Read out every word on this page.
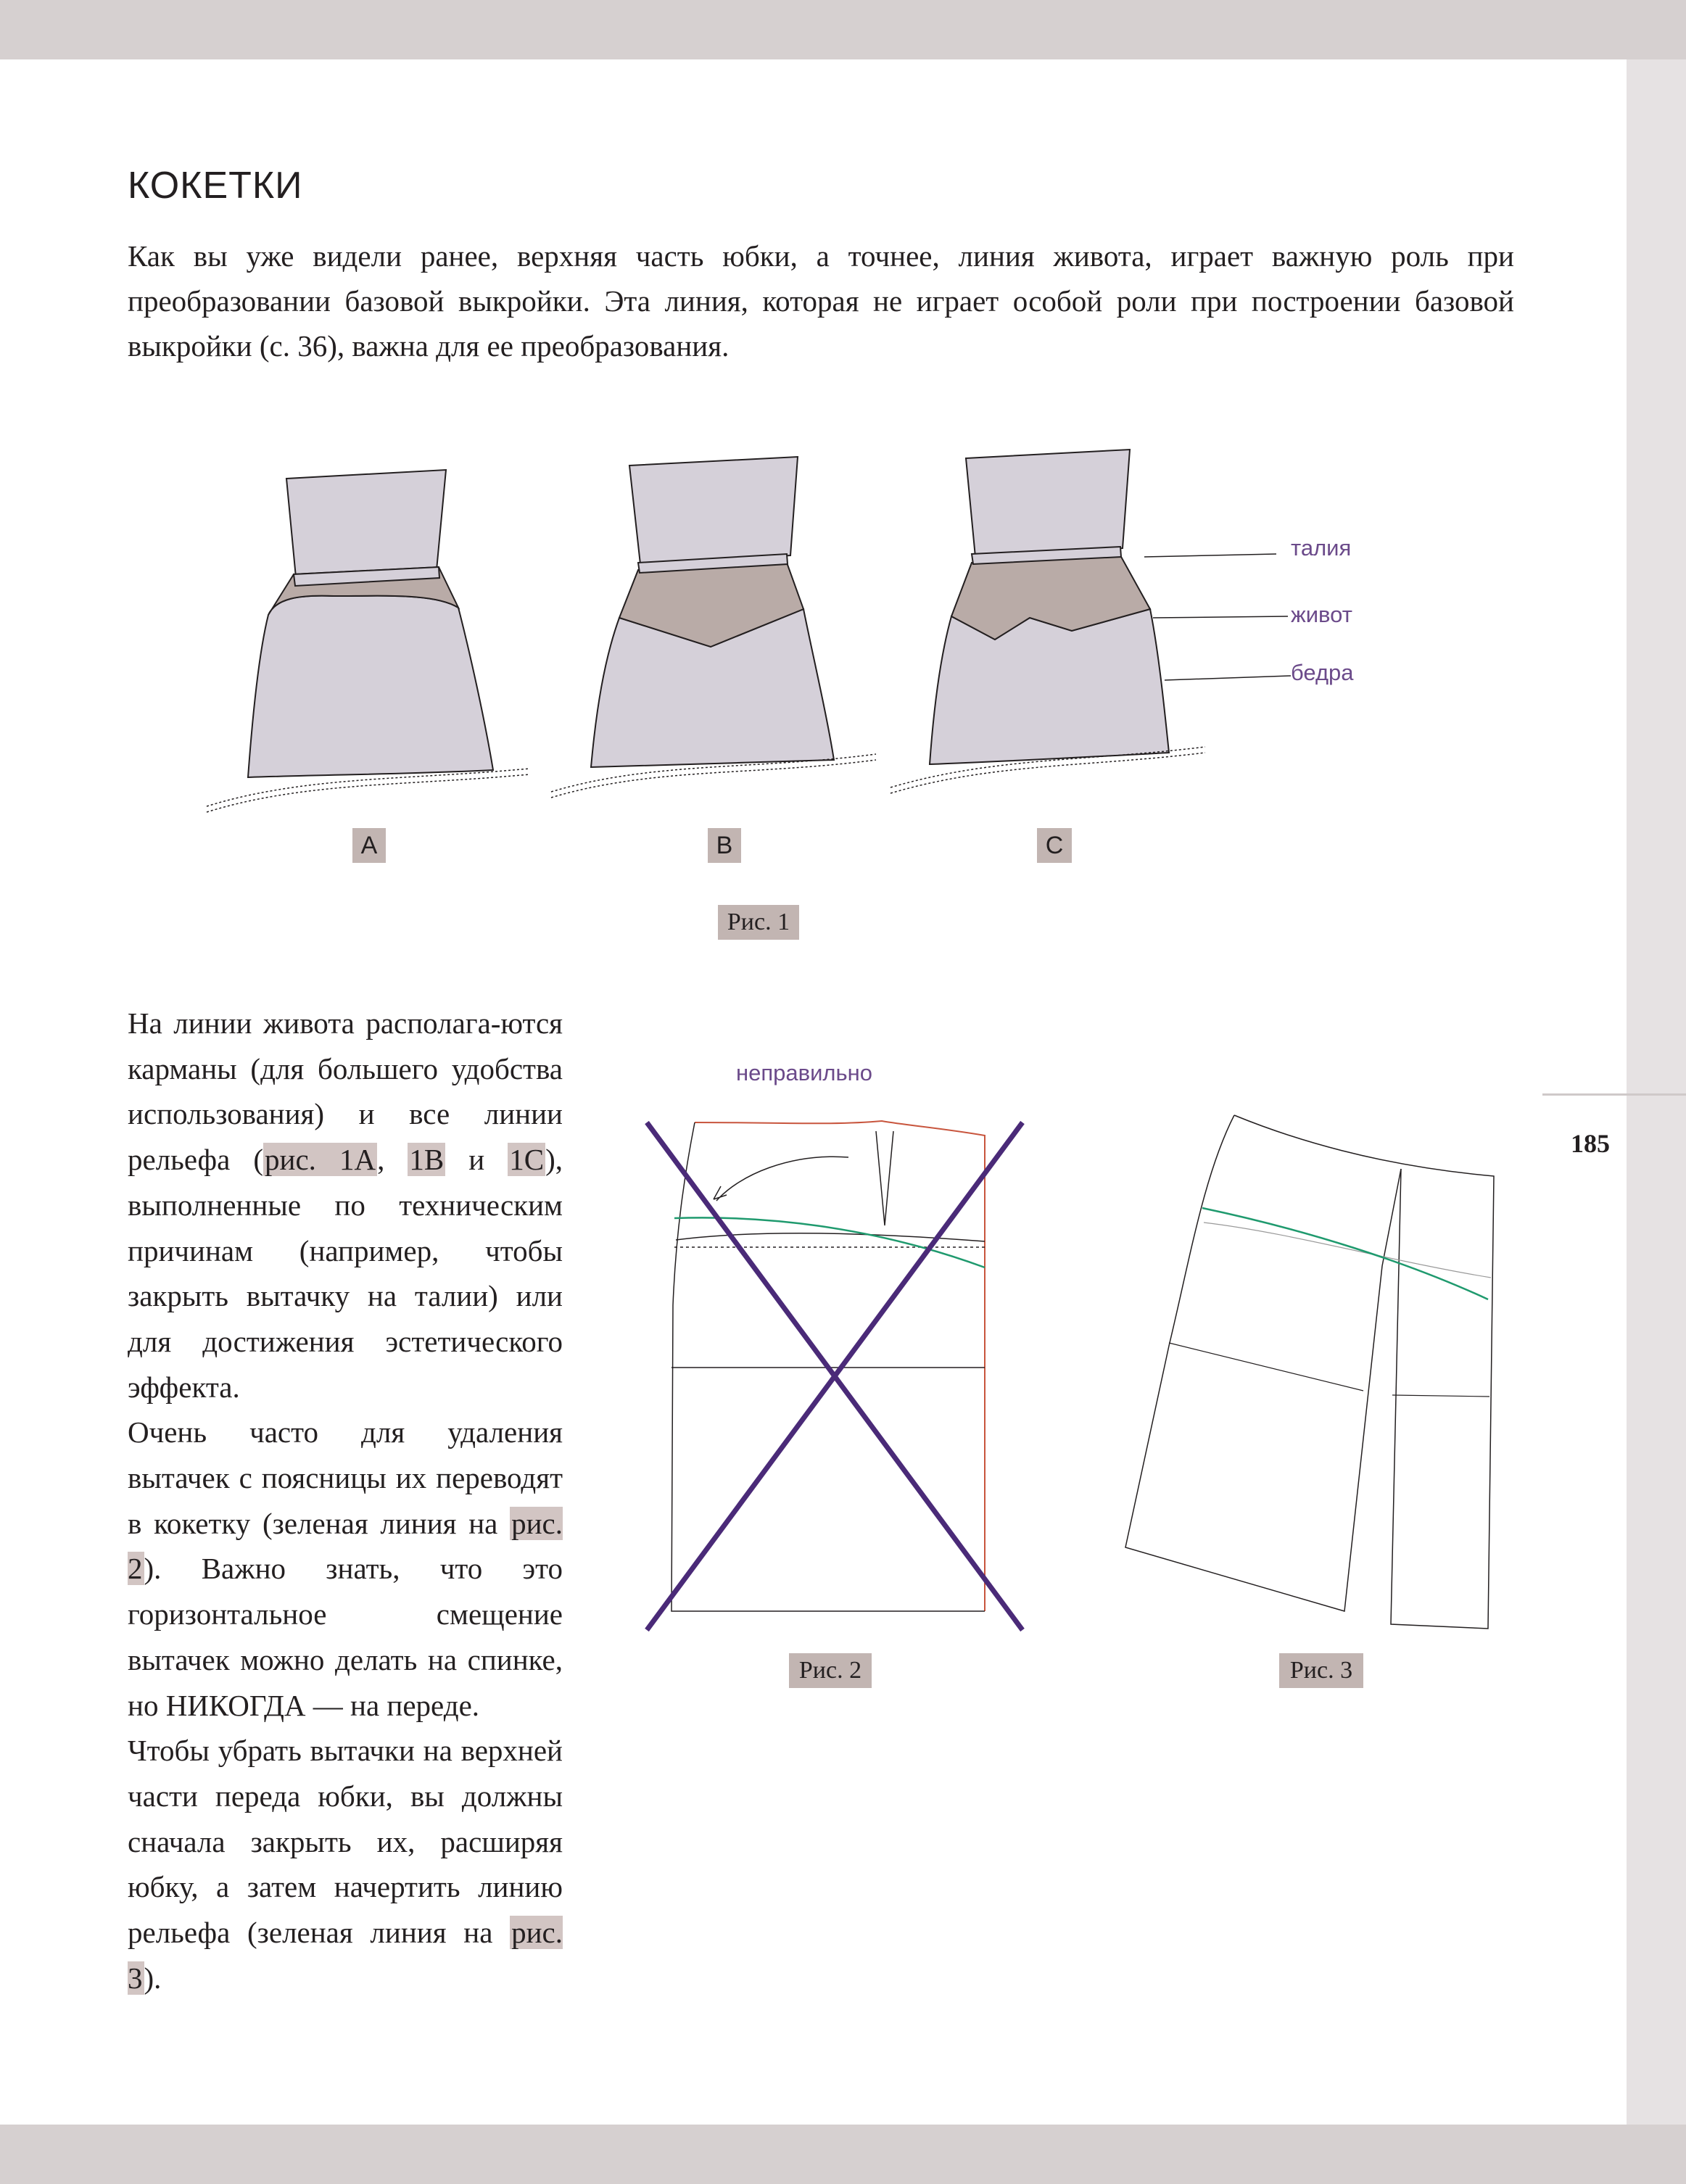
185
КОКЕТКИ

Как вы уже видели ранее, верхняя часть юбки, а точнее, линия живота, играет важную роль при преобразовании базовой выкройки. Эта линия, которая не играет особой роли при построении базовой выкройки (с. 36), важна для ее преобразования.

талия
живот
бедра
A	B	C
Рис. 1

На линии живота располага-ются карманы (для большего удобства использования) и все линии рельефа (рис. 1A, 1B и 1C), выполненные по техническим причинам (например, чтобы закрыть вытачку на талии) или для достижения эстетического эффекта.

Очень часто для удаления вытачек с поясницы их переводят в кокетку (зеленая линия на рис. 2). Важно знать, что это горизонтальное смещение вытачек можно делать на спинке, но НИКОГДА — на переде.

Чтобы убрать вытачки на верхней части переда юбки, вы должны сначала закрыть их, расширяя юбку, а затем начертить линию рельефа (зеленая линия на рис. 3).

неправильно
Рис. 2	Рис. 3
